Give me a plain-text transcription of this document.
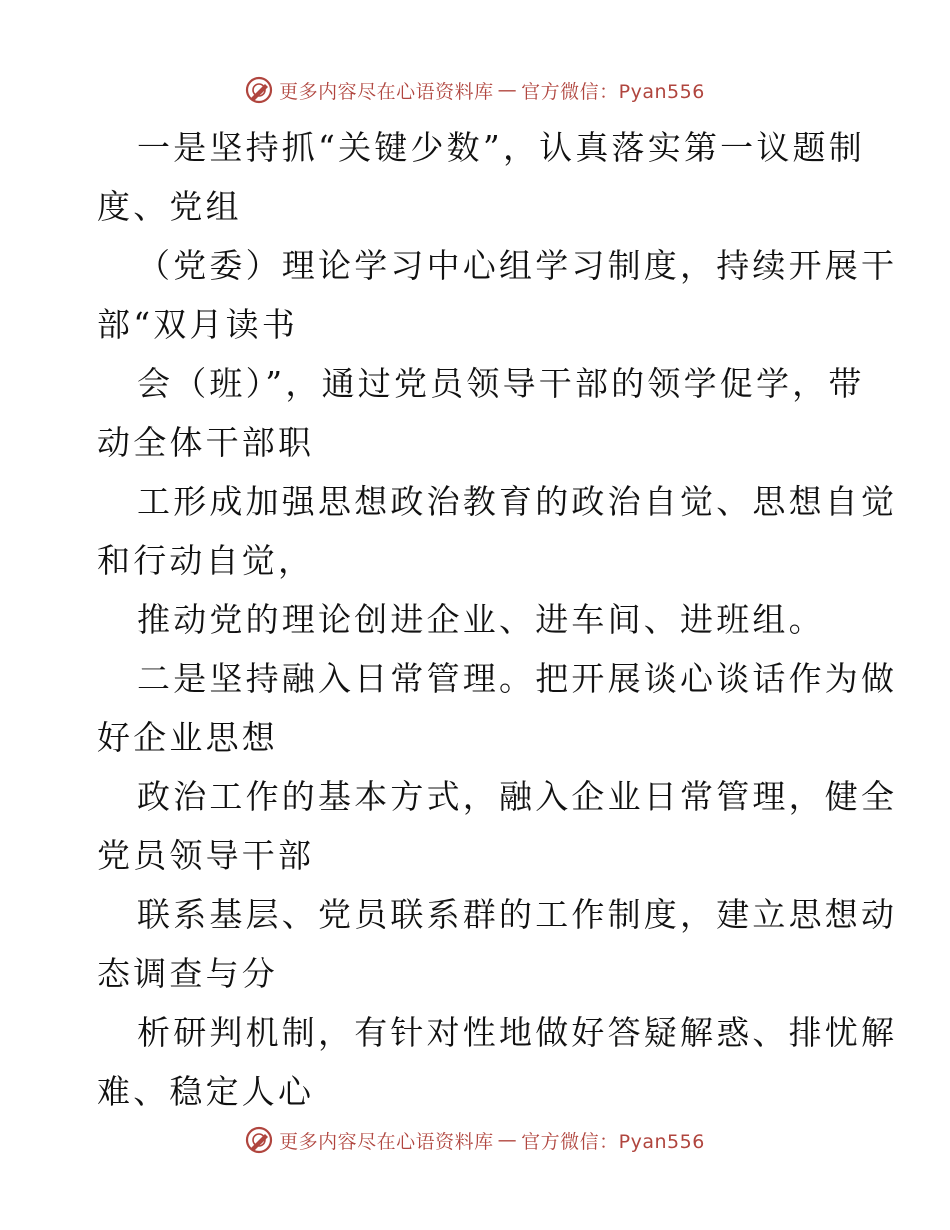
更多内容尽在心语资料库 — 官方微信：Pyan556

一是坚持抓“关键少数”，认真落实第一议题制
度、党组

（党委）理论学习中心组学习制度，持续开展干
部“双月读书

会（班）”，通过党员领导干部的领学促学，带
动全体干部职

工形成加强思想政治教育的政治自觉、思想自觉
和行动自觉，

推动党的理论创进企业、进车间、进班组。

二是坚持融入日常管理。把开展谈心谈话作为做
好企业思想

政治工作的基本方式，融入企业日常管理，健全
党员领导干部

联系基层、党员联系群的工作制度，建立思想动
态调查与分

析研判机制，有针对性地做好答疑解惑、排忧解
难、稳定人心

更多内容尽在心语资料库 — 官方微信：Pyan556
